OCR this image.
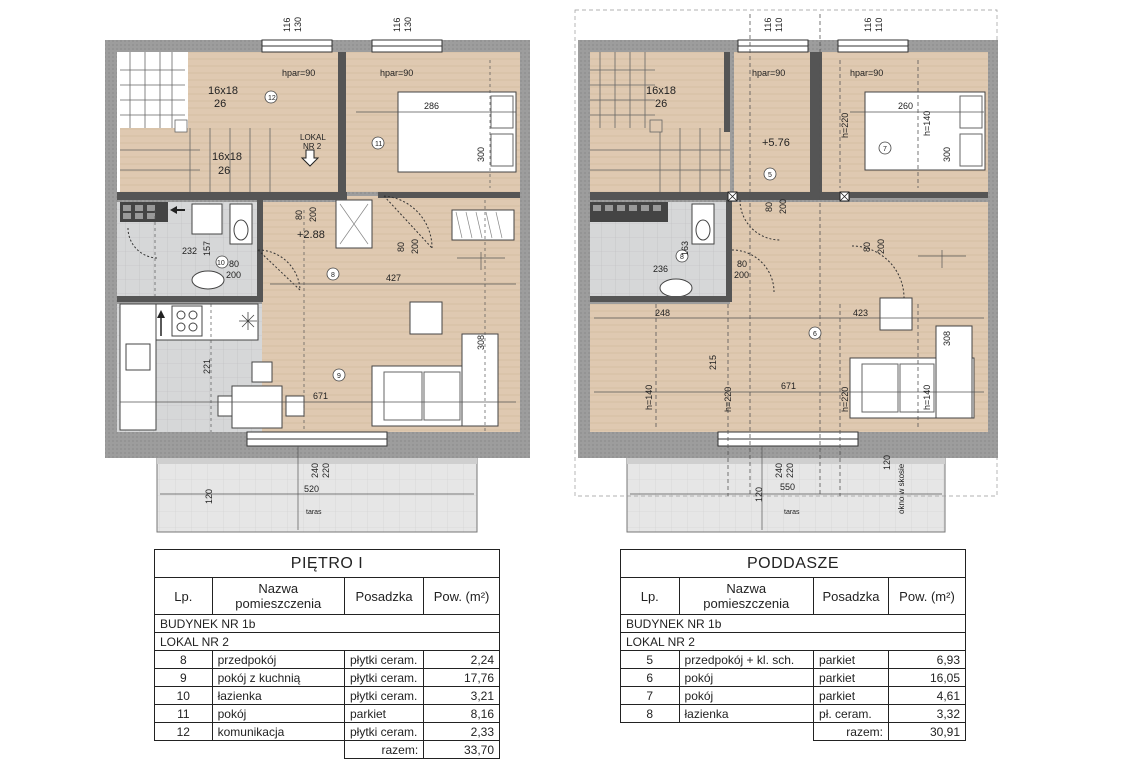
116 130	116 130
hpar=90	hpar=90
16x18
26
16x18
26
LOKAL
NR 2
12
11
10
8
9
+2.88
286
300
427
308
671
232 157
221
80 200
80 200
80
200
240 220
120	520
taras
116 110	116 110
hpar=90	hpar=90
16x18
26
+5.76
h=220	h=140
5
7
8
6
260
300
236
163
248	423
308
215
671
h=140	h=220	h=220	h=140
80 200
80 200
80
200
240 220
120
120
550	okno w skosie
taras
PIĘTRO I			
Lp.	Nazwa pomieszczenia	Posadzka	Pow. (m²)
BUDYNEK NR 1b			
LOKAL NR 2			
8	przedpokój	płytki ceram.	2,24
9	pokój z kuchnią	płytki ceram.	17,76
10	łazienka	płytki ceram.	3,21
11	pokój	parkiet	8,16
12	komunikacja	płytki ceram.	2,33
		razem:	33,70
PODDASZE			
Lp.	Nazwa pomieszczenia	Posadzka	Pow. (m²)
BUDYNEK NR 1b			
LOKAL NR 2			
5	przedpokój + kl. sch.	parkiet	6,93
6	pokój	parkiet	16,05
7	pokój	parkiet	4,61
8	łazienka	pł. ceram.	3,32
		razem:	30,91
